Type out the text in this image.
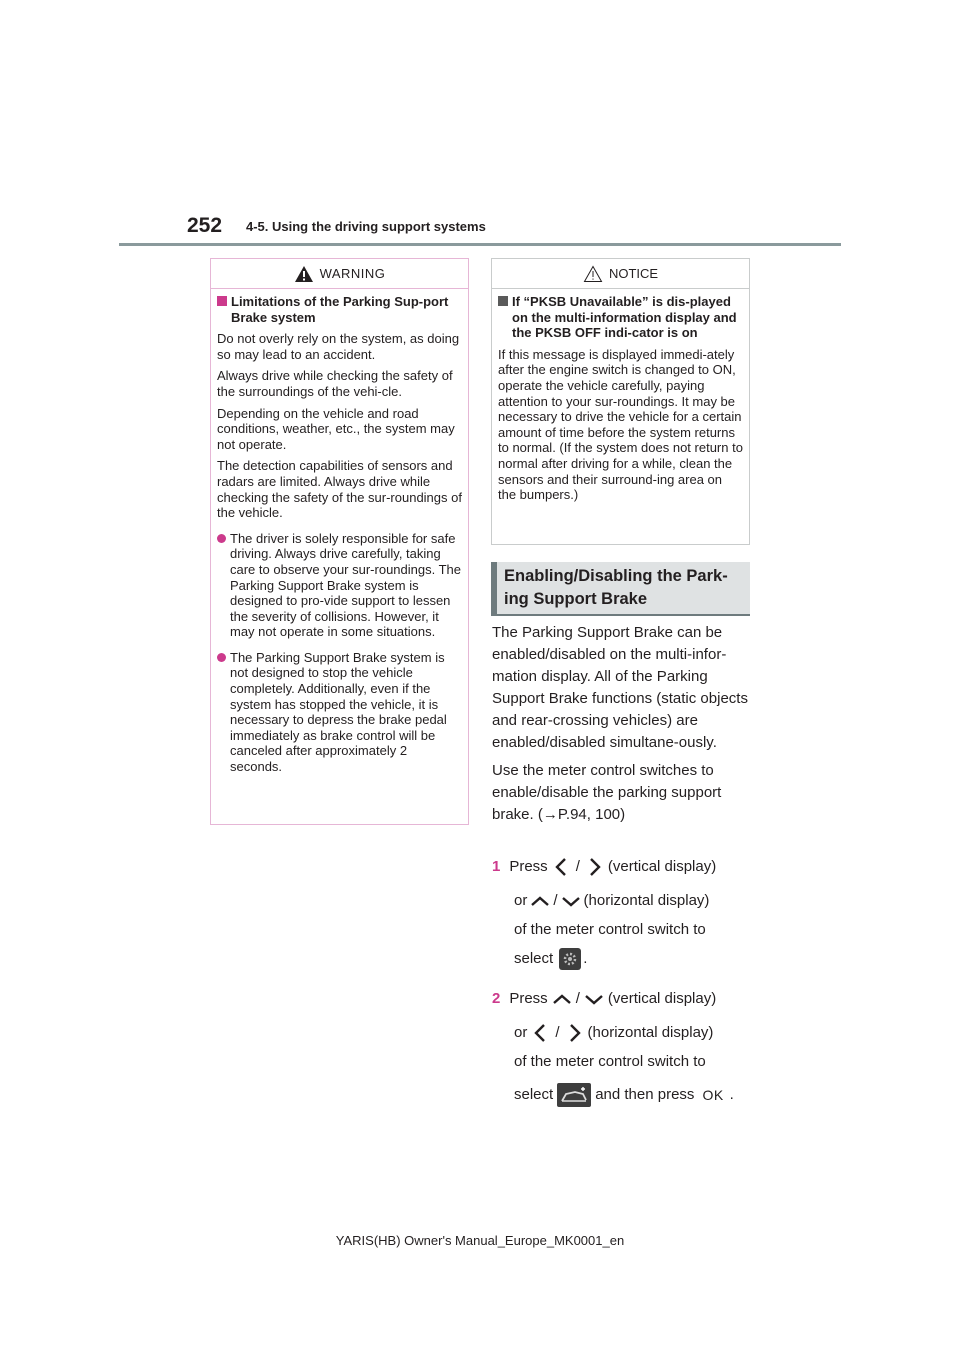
252 4-5. Using the driving support systems
WARNING
Limitations of the Parking Sup-port Brake system

Do not overly rely on the system, as doing so may lead to an accident.

Always drive while checking the safety of the surroundings of the vehi-cle.

Depending on the vehicle and road conditions, weather, etc., the system may not operate.

The detection capabilities of sensors and radars are limited. Always drive while checking the safety of the sur-roundings of the vehicle.

The driver is solely responsible for safe driving. Always drive carefully, taking care to observe your sur-roundings. The Parking Support Brake system is designed to pro-vide support to lessen the severity of collisions. However, it may not operate in some situations.
The Parking Support Brake system is not designed to stop the vehicle completely. Additionally, even if the system has stopped the vehicle, it is necessary to depress the brake pedal immediately as brake control will be canceled after approximately 2 seconds.
NOTICE
If “PKSB Unavailable” is dis-played on the multi-information display and the PKSB OFF indi-cator is on

If this message is displayed immedi-ately after the engine switch is changed to ON, operate the vehicle carefully, paying attention to your sur-roundings. It may be necessary to drive the vehicle for a certain amount of time before the system returns to normal. (If the system does not return to normal after driving for a while, clean the sensors and their surround-ing area on the bumpers.)

Enabling/Disabling the Park-ing Support Brake

The Parking Support Brake can be enabled/disabled on the multi-infor-mation display. All of the Parking Support Brake functions (static objects and rear-crossing vehicles) are enabled/disabled simultane-ously.

Use the meter control switches to enable/disable the parking support brake. (→P.94, 100)

1 Press / (vertical display)
or / (horizontal display)
of the meter control switch to
select .
2 Press / (vertical display)
or / (horizontal display)
of the meter control switch to
select	and then press OK .
YARIS(HB) Owner's Manual_Europe_MK0001_en
